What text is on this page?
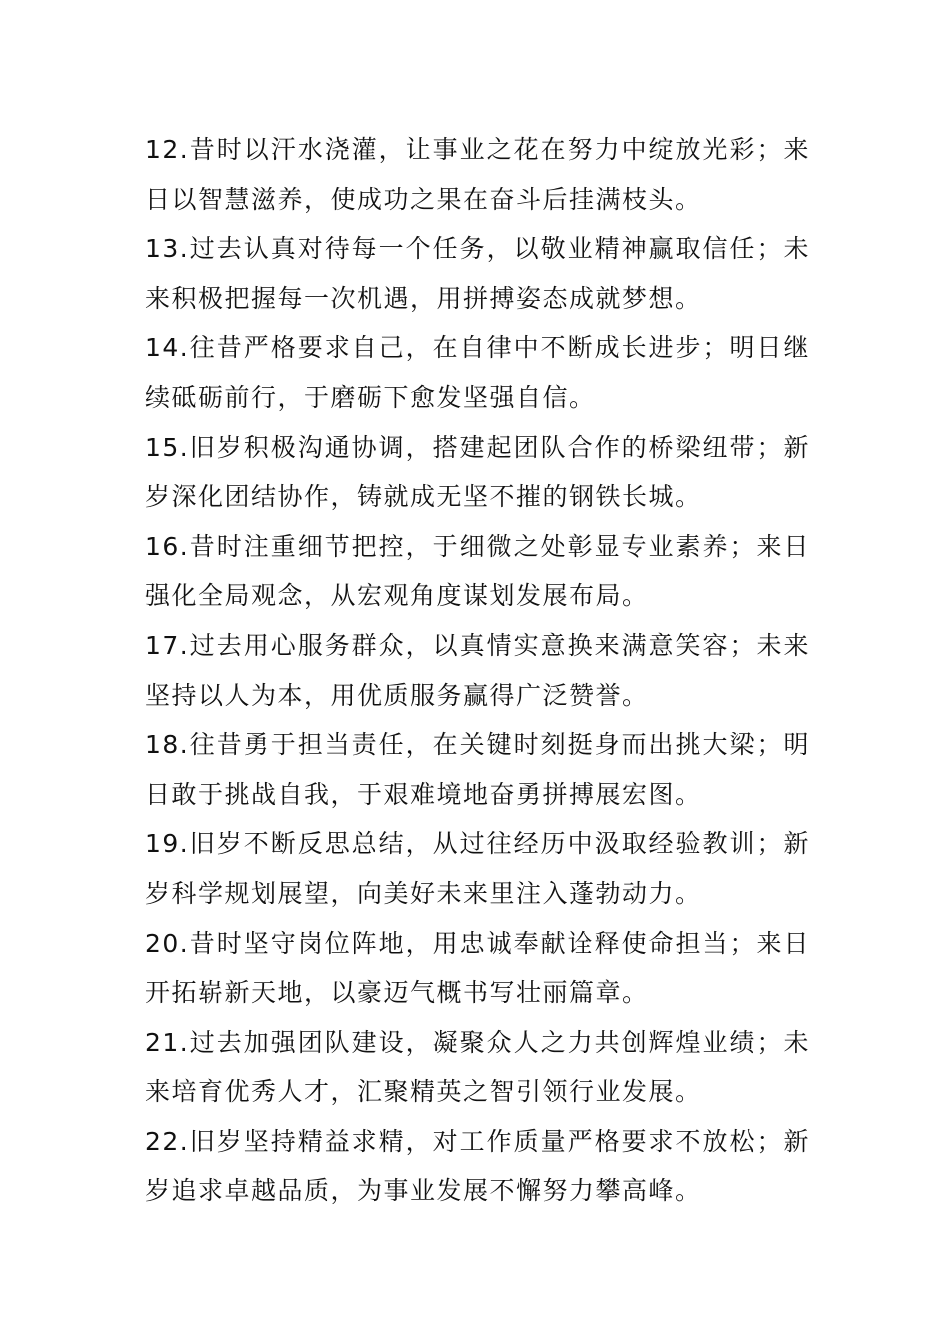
12.昔时以汗水浇灌，让事业之花在努力中绽放光彩；来日以智慧滋养，使成功之果在奋斗后挂满枝头。

13.过去认真对待每一个任务，以敬业精神赢取信任；未来积极把握每一次机遇，用拼搏姿态成就梦想。

14.往昔严格要求自己，在自律中不断成长进步；明日继续砥砺前行，于磨砺下愈发坚强自信。

15.旧岁积极沟通协调，搭建起团队合作的桥梁纽带；新岁深化团结协作，铸就成无坚不摧的钢铁长城。

16.昔时注重细节把控，于细微之处彰显专业素养；来日强化全局观念，从宏观角度谋划发展布局。

17.过去用心服务群众，以真情实意换来满意笑容；未来坚持以人为本，用优质服务赢得广泛赞誉。

18.往昔勇于担当责任，在关键时刻挺身而出挑大梁；明日敢于挑战自我，于艰难境地奋勇拼搏展宏图。

19.旧岁不断反思总结，从过往经历中汲取经验教训；新岁科学规划展望，向美好未来里注入蓬勃动力。

20.昔时坚守岗位阵地，用忠诚奉献诠释使命担当；来日开拓崭新天地，以豪迈气概书写壮丽篇章。

21.过去加强团队建设，凝聚众人之力共创辉煌业绩；未来培育优秀人才，汇聚精英之智引领行业发展。

22.旧岁坚持精益求精，对工作质量严格要求不放松；新岁追求卓越品质，为事业发展不懈努力攀高峰。
